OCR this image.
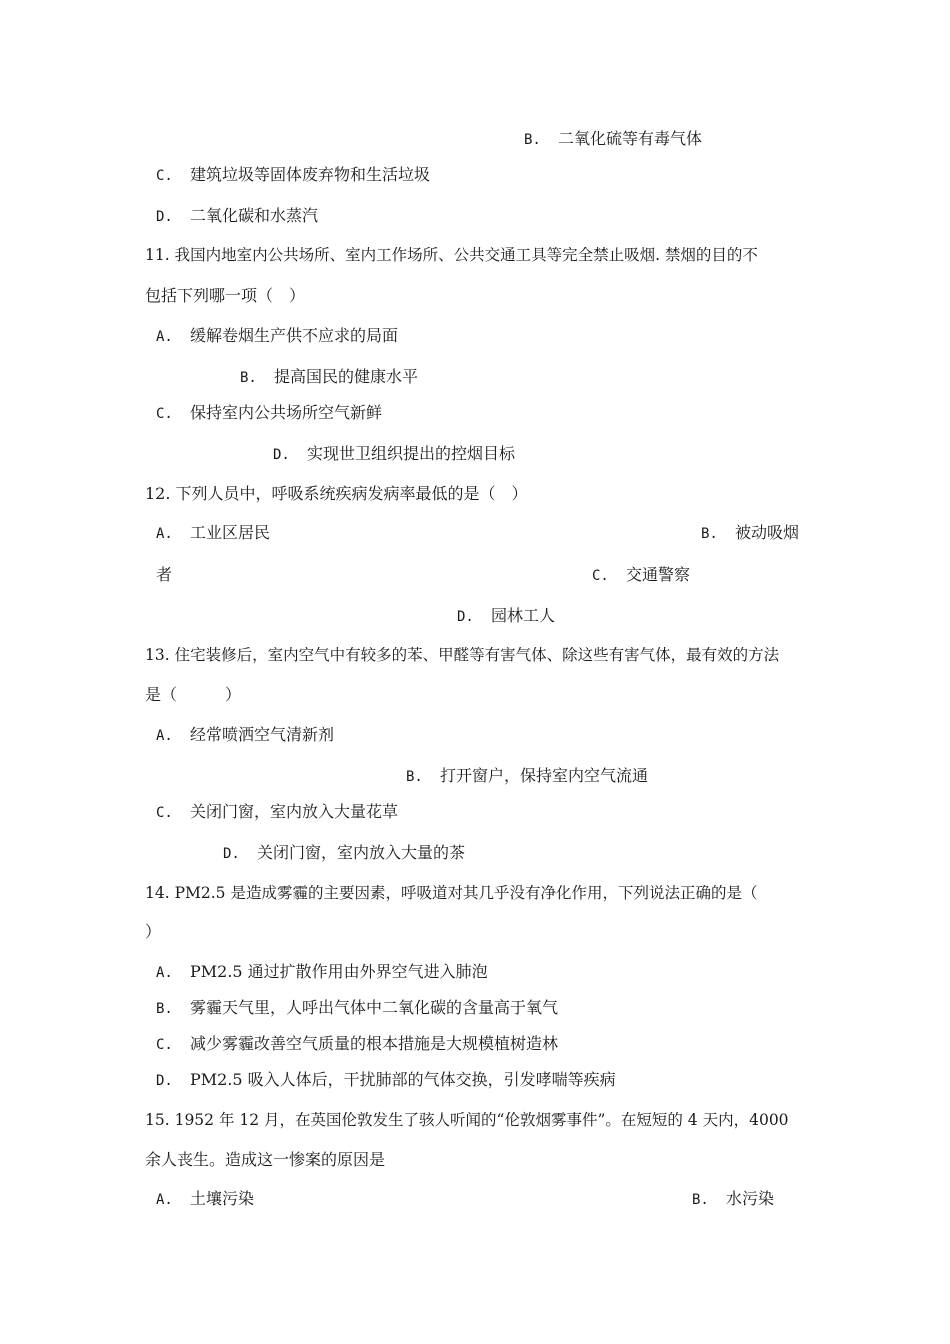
B. 二氧化硫等有毒气体
C. 建筑垃圾等固体废弃物和生活垃圾
D. 二氧化碳和水蒸汽
11. 我国内地室内公共场所、室内工作场所、公共交通工具等完全禁止吸烟. 禁烟的目的不
包括下列哪一项（　）
A. 缓解卷烟生产供不应求的局面
B. 提高国民的健康水平
C. 保持室内公共场所空气新鲜
D. 实现世卫组织提出的控烟目标
12. 下列人员中，呼吸系统疾病发病率最低的是（　）
A. 工业区居民	B. 被动吸烟
者	C. 交通警察
D. 园林工人
13. 住宅装修后，室内空气中有较多的苯、甲醛等有害气体、除这些有害气体，最有效的方法
是（　　　）
A. 经常喷洒空气清新剂
B. 打开窗户，保持室内空气流通
C. 关闭门窗，室内放入大量花草
D. 关闭门窗，室内放入大量的茶
14. PM2.5 是造成雾霾的主要因素，呼吸道对其几乎没有净化作用，下列说法正确的是（
）
A. PM2.5 通过扩散作用由外界空气进入肺泡
B. 雾霾天气里，人呼出气体中二氧化碳的含量高于氧气
C. 减少雾霾改善空气质量的根本措施是大规模植树造林
D. PM2.5 吸入人体后，干扰肺部的气体交换，引发哮喘等疾病
15. 1952 年 12 月，在英国伦敦发生了骇人听闻的“伦敦烟雾事件”。在短短的 4 天内，4000
余人丧生。造成这一惨案的原因是
A. 土壤污染	B. 水污染
